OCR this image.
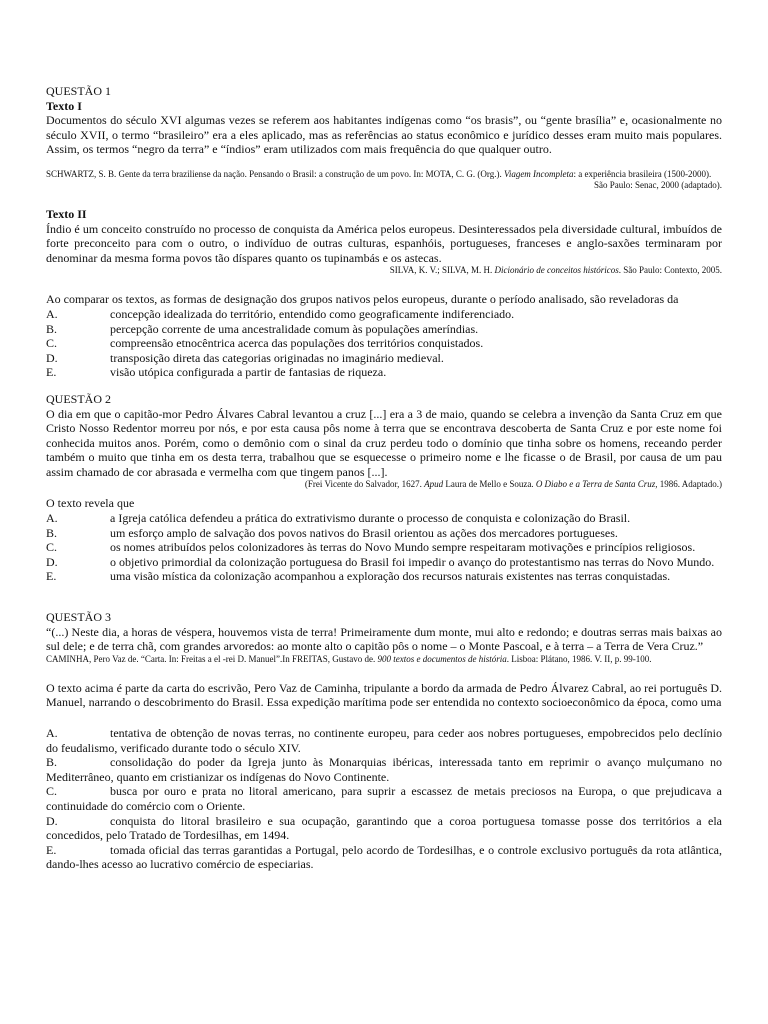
QUESTÃO 1

Texto I

Documentos do século XVI algumas vezes se referem aos habitantes indígenas como “os brasis”, ou “gente brasília” e, ocasionalmente no século XVII, o termo “brasileiro” era a eles aplicado, mas as referências ao status econômico e jurídico desses eram muito mais populares. Assim, os termos “negro da terra” e “índios” eram utilizados com mais frequência do que qualquer outro.

SCHWARTZ, S. B. Gente da terra braziliense da nação. Pensando o Brasil: a construção de um povo. In: MOTA, C. G. (Org.). Viagem Incompleta: a experiência brasileira (1500-2000).

São Paulo: Senac, 2000 (adaptado).

Texto II

Índio é um conceito construído no processo de conquista da América pelos europeus. Desinteressados pela diversidade cultural, imbuídos de forte preconceito para com o outro, o indivíduo de outras culturas, espanhóis, portugueses, franceses e anglo-saxões terminaram por denominar da mesma forma povos tão díspares quanto os tupinambás e os astecas.

SILVA, K. V.; SILVA, M. H. Dicionário de conceitos históricos. São Paulo: Contexto, 2005.

Ao comparar os textos, as formas de designação dos grupos nativos pelos europeus, durante o período analisado, são reveladoras da

A.	concepção idealizada do território, entendido como geograficamente indiferenciado.
B.	percepção corrente de uma ancestralidade comum às populações ameríndias.
C.	compreensão etnocêntrica acerca das populações dos territórios conquistados.
D.	transposição direta das categorias originadas no imaginário medieval.
E.	visão utópica configurada a partir de fantasias de riqueza.

QUESTÃO 2

O dia em que o capitão-mor Pedro Álvares Cabral levantou a cruz [...] era a 3 de maio, quando se celebra a invenção da Santa Cruz em que Cristo Nosso Redentor morreu por nós, e por esta causa pôs nome à terra que se encontrava descoberta de Santa Cruz e por este nome foi conhecida muitos anos. Porém, como o demônio com o sinal da cruz perdeu todo o domínio que tinha sobre os homens, receando perder também o muito que tinha em os desta terra, trabalhou que se esquecesse o primeiro nome e lhe ficasse o de Brasil, por causa de um pau assim chamado de cor abrasada e vermelha com que tingem panos [...].

(Frei Vicente do Salvador, 1627. Apud Laura de Mello e Souza. O Diabo e a Terra de Santa Cruz, 1986. Adaptado.)

O texto revela que

A.	a Igreja católica defendeu a prática do extrativismo durante o processo de conquista e colonização do Brasil.
B.	um esforço amplo de salvação dos povos nativos do Brasil orientou as ações dos mercadores portugueses.
C.	os nomes atribuídos pelos colonizadores às terras do Novo Mundo sempre respeitaram motivações e princípios religiosos.
D.	o objetivo primordial da colonização portuguesa do Brasil foi impedir o avanço do protestantismo nas terras do Novo Mundo.
E.	uma visão mística da colonização acompanhou a exploração dos recursos naturais existentes nas terras conquistadas.

QUESTÃO 3

“(...) Neste dia, a horas de véspera, houvemos vista de terra! Primeiramente dum monte, mui alto e redondo; e doutras serras mais baixas ao sul dele; e de terra chã, com grandes arvoredos: ao monte alto o capitão pôs o nome – o Monte Pascoal, e à terra – a Terra de Vera Cruz.”

CAMINHA, Pero Vaz de. “Carta. In: Freitas a el -rei D. Manuel”.In FREITAS, Gustavo de. 900 textos e documentos de história. Lisboa: Plátano, 1986. V. II, p. 99-100.

O texto acima é parte da carta do escrivão, Pero Vaz de Caminha, tripulante a bordo da armada de Pedro Álvarez Cabral, ao rei português D. Manuel, narrando o descobrimento do Brasil. Essa expedição marítima pode ser entendida no contexto socioeconômico da época, como uma

A.	tentativa de obtenção de novas terras, no continente europeu, para ceder aos nobres portugueses, empobrecidos pelo declínio do feudalismo, verificado durante todo o século XIV.

B.	consolidação do poder da Igreja junto às Monarquias ibéricas, interessada tanto em reprimir o avanço mulçumano no Mediterrâneo, quanto em cristianizar os indígenas do Novo Continente.

C.	busca por ouro e prata no litoral americano, para suprir a escassez de metais preciosos na Europa, o que prejudicava a continuidade do comércio com o Oriente.

D.	conquista do litoral brasileiro e sua ocupação, garantindo que a coroa portuguesa tomasse posse dos territórios a ela concedidos, pelo Tratado de Tordesilhas, em 1494.

E.	tomada oficial das terras garantidas a Portugal, pelo acordo de Tordesilhas, e o controle exclusivo português da rota atlântica, dando-lhes acesso ao lucrativo comércio de especiarias.
